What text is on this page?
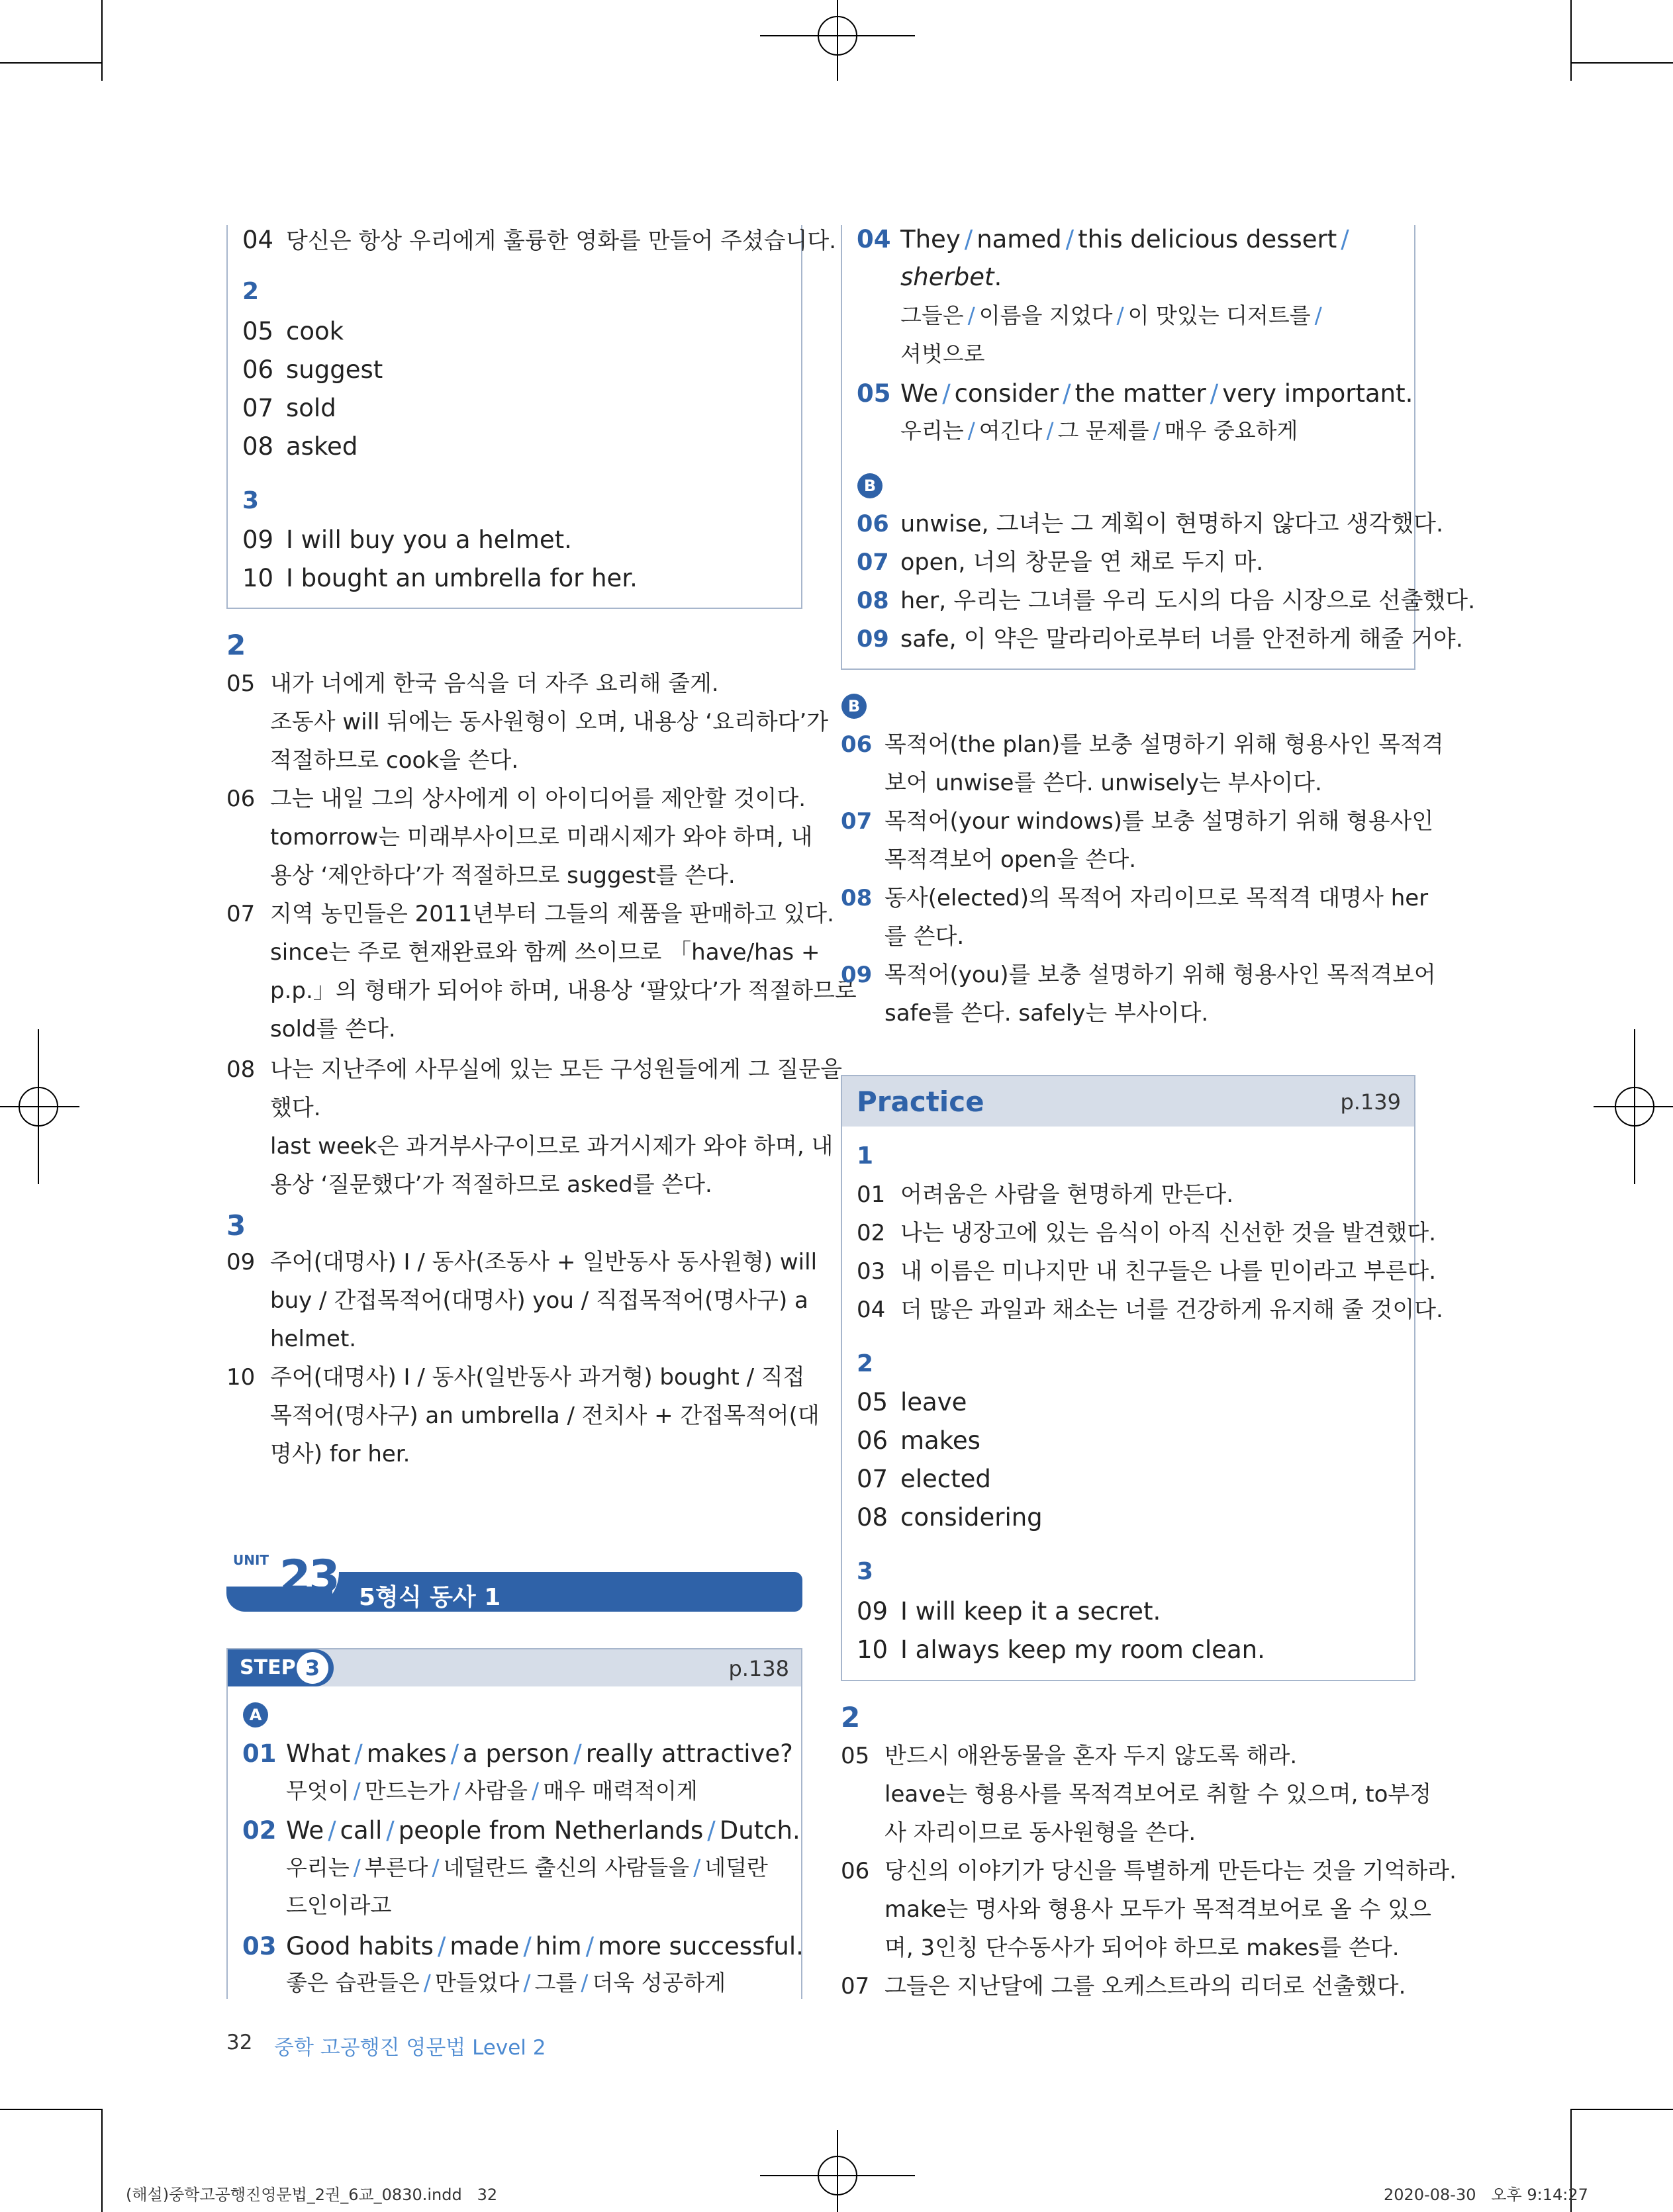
04 당신은 항상 우리에게 훌륭한 영화를 만들어 주셨습니다.
2
05 cook
06 suggest
07 sold
08 asked
3
09 I will buy you a helmet.
10 I bought an umbrella for her.
2
05 내가 너에게 한국 음식을 더 자주 요리해 줄게.
조동사 will 뒤에는 동사원형이 오며, 내용상 ‘요리하다’가
적절하므로 cook을 쓴다.
06 그는 내일 그의 상사에게 이 아이디어를 제안할 것이다.
tomorrow는 미래부사이므로 미래시제가 와야 하며, 내
용상 ‘제안하다’가 적절하므로 suggest를 쓴다.
07 지역 농민들은 2011년부터 그들의 제품을 판매하고 있다.
since는 주로 현재완료와 함께 쓰이므로 「have/has +
p.p.」의 형태가 되어야 하며, 내용상 ‘팔았다’가 적절하므로
sold를 쓴다.
08 나는 지난주에 사무실에 있는 모든 구성원들에게 그 질문을
했다.
last week은 과거부사구이므로 과거시제가 와야 하며, 내
용상 ‘질문했다’가 적절하므로 asked를 쓴다.
3
09 주어(대명사) I / 동사(조동사 + 일반동사 동사원형) will
buy / 간접목적어(대명사) you / 직접목적어(명사구) a
helmet.
10 주어(대명사) I / 동사(일반동사 과거형) bought / 직접
목적어(명사구) an umbrella / 전치사 + 간접목적어(대
명사) for her.
UNIT 23 5형식 동사 1
STEP 3	p.138
A
01 What / makes / a person / really attractive?
무엇이 / 만드는가 / 사람을 / 매우 매력적이게
02 We / call / people from Netherlands / Dutch.
우리는 / 부른다 / 네덜란드 출신의 사람들을 / 네덜란
드인이라고
03 Good habits / made / him / more successful.
좋은 습관들은 / 만들었다 / 그를 / 더욱 성공하게
32 중학 고공행진 영문법 Level 2
04 They / named / this delicious dessert /
sherbet.
그들은 / 이름을 지었다 / 이 맛있는 디저트를 /
셔벗으로
05 We / consider / the matter / very important.
우리는 / 여긴다 / 그 문제를 / 매우 중요하게
B
06 unwise, 그녀는 그 계획이 현명하지 않다고 생각했다.
07 open, 너의 창문을 연 채로 두지 마.
08 her, 우리는 그녀를 우리 도시의 다음 시장으로 선출했다.
09 safe, 이 약은 말라리아로부터 너를 안전하게 해줄 거야.
B
06 목적어(the plan)를 보충 설명하기 위해 형용사인 목적격
보어 unwise를 쓴다. unwisely는 부사이다.
07 목적어(your windows)를 보충 설명하기 위해 형용사인
목적격보어 open을 쓴다.
08 동사(elected)의 목적어 자리이므로 목적격 대명사 her
를 쓴다.
09 목적어(you)를 보충 설명하기 위해 형용사인 목적격보어
safe를 쓴다. safely는 부사이다.
Practice	p.139
1
01 어려움은 사람을 현명하게 만든다.
02 나는 냉장고에 있는 음식이 아직 신선한 것을 발견했다.
03 내 이름은 미나지만 내 친구들은 나를 민이라고 부른다.
04 더 많은 과일과 채소는 너를 건강하게 유지해 줄 것이다.
2
05 leave
06 makes
07 elected
08 considering
3
09 I will keep it a secret.
10 I always keep my room clean.
2
05 반드시 애완동물을 혼자 두지 않도록 해라.
leave는 형용사를 목적격보어로 취할 수 있으며, to부정
사 자리이므로 동사원형을 쓴다.
06 당신의 이야기가 당신을 특별하게 만든다는 것을 기억하라.
make는 명사와 형용사 모두가 목적격보어로 올 수 있으
며, 3인칭 단수동사가 되어야 하므로 makes를 쓴다.
07 그들은 지난달에 그를 오케스트라의 리더로 선출했다.
(해설)중학고공행진영문법_2권_6교_0830.indd   32	2020-08-30   오후 9:14:27
